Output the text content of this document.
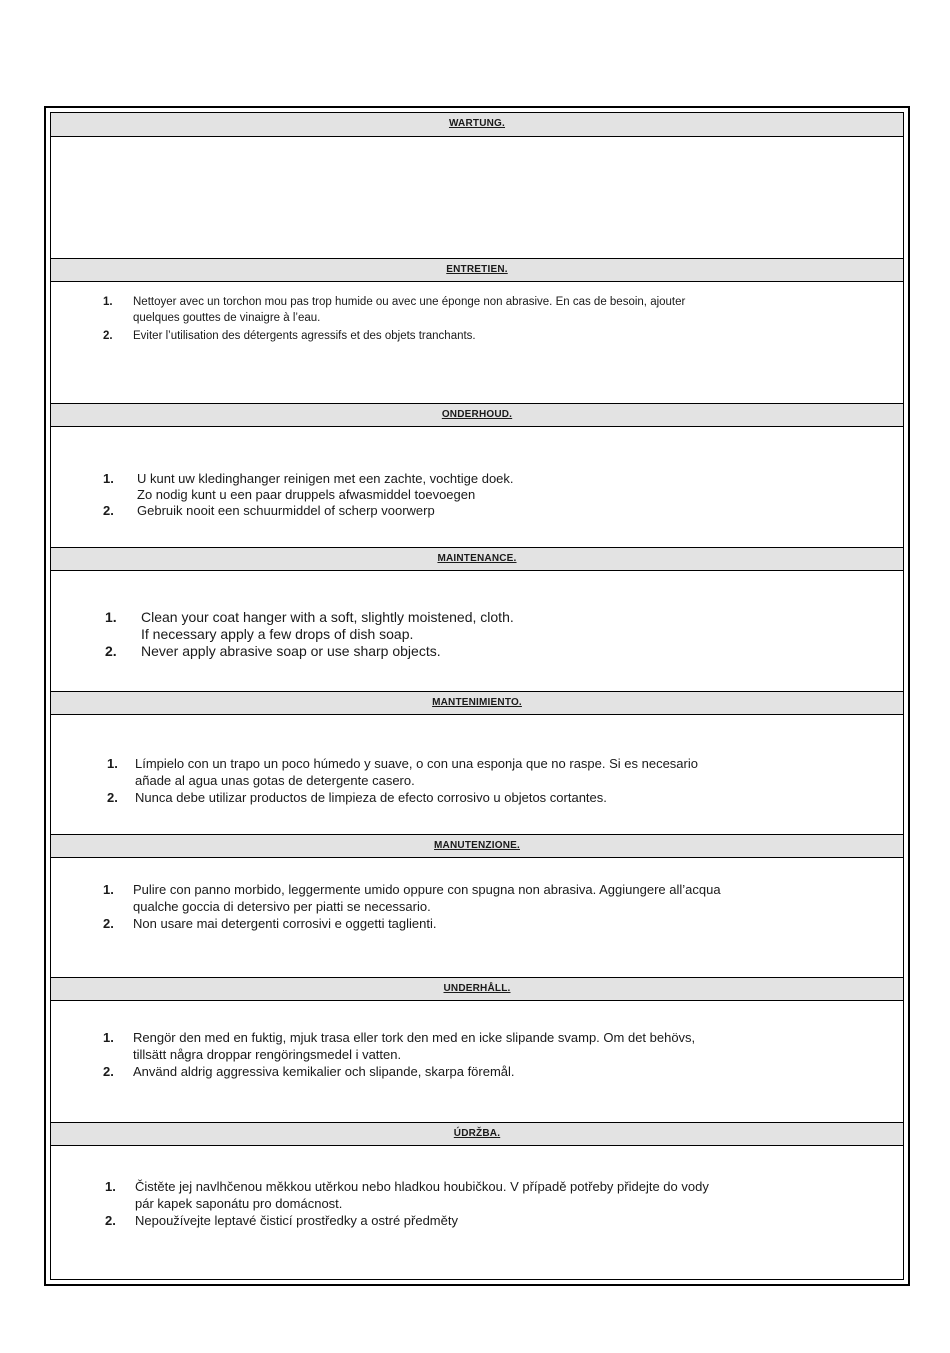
WARTUNG.
ENTRETIEN.
1. Nettoyer avec un torchon mou pas trop humide ou avec une éponge non abrasive. En cas de besoin, ajouter
quelques gouttes de vinaigre à l’eau.
2. Eviter l’utilisation des détergents agressifs et des objets tranchants.
ONDERHOUD.
1. U kunt uw kledinghanger reinigen met een zachte, vochtige doek.
Zo nodig kunt u een paar druppels afwasmiddel toevoegen
2. Gebruik nooit een schuurmiddel of scherp voorwerp
MAINTENANCE.
1. Clean your coat hanger with a soft, slightly moistened, cloth.
If necessary apply a few drops of dish soap.
2. Never apply abrasive soap or use sharp objects.
MANTENIMIENTO.
1. Límpielo con un trapo un poco húmedo y suave, o con una esponja que no raspe. Si es necesario
añade al agua unas gotas de detergente casero.
2. Nunca debe utilizar productos de limpieza de efecto corrosivo u objetos cortantes.
MANUTENZIONE.
1. Pulire con panno morbido, leggermente umido oppure con spugna non abrasiva. Aggiungere all’acqua
qualche goccia di detersivo per piatti se necessario.
2. Non usare mai detergenti corrosivi e oggetti taglienti.
UNDERHÅLL.
1. Rengör den med en fuktig, mjuk trasa eller tork den med en icke slipande svamp. Om det behövs,
tillsätt några droppar rengöringsmedel i vatten.
2. Använd aldrig aggressiva kemikalier och slipande, skarpa föremål.
ÚDRŽBA.
1. Čistěte jej navlhčenou měkkou utěrkou nebo hladkou houbičkou. V případě potřeby přidejte do vody
pár kapek saponátu pro domácnost.
2. Nepoužívejte leptavé čisticí prostředky a ostré předměty
